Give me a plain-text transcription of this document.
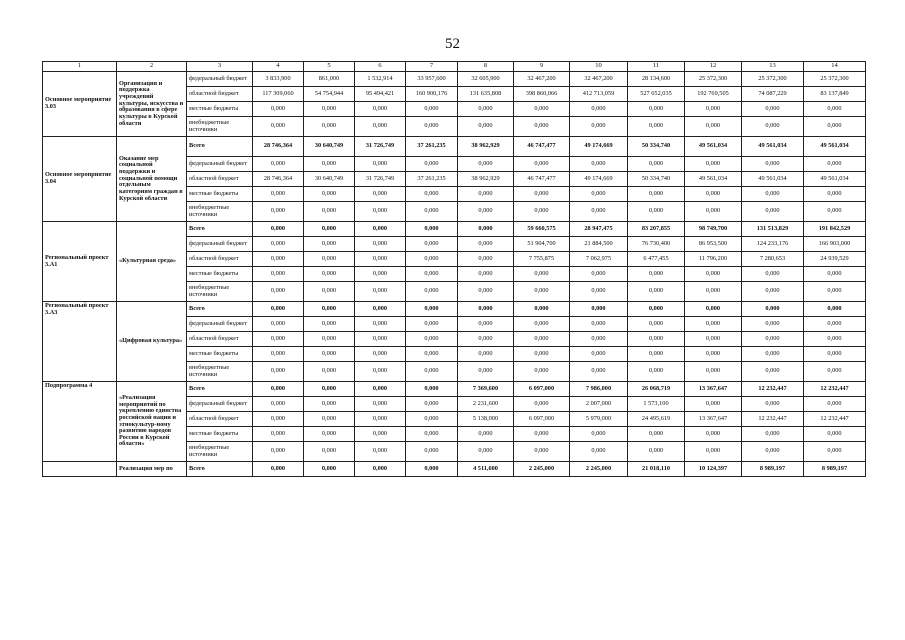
52
1	2	3	4	5	6	7	8	9	10	11	12	13	14
Основное мероприятие 3.03	Организация и поддержка учреждений культуры, искусства и образования в сфере культуры в Курской области	федеральный бюджет	3 833,900	861,000	1 532,914	33 957,600	32 605,900	32 467,200	32 467,200	28 134,600	25 372,300	25 372,300	25 372,300
		областной бюджет	117 309,060	54 754,944	95 494,421	160 900,176	131 635,808	398 860,066	412 713,059	527 652,035	192 769,505	74 087,229	83 137,849
		местные бюджеты	0,000	0,000	0,000	0,000	0,000	0,000	0,000	0,000	0,000	0,000	0,000
		внебюджетные источники	0,000	0,000	0,000	0,000	0,000	0,000	0,000	0,000	0,000	0,000	0,000
Основное мероприятие 3.04	Оказание мер социальной поддержки и социальной помощи отдельным категориям граждан в Курской области	Всего	28 746,364	30 640,749	31 726,749	37 261,235	38 962,929	46 747,477	49 174,669	50 334,740	49 561,034	49 561,034	49 561,034
		федеральный бюджет	0,000	0,000	0,000	0,000	0,000	0,000	0,000	0,000	0,000	0,000	0,000
		областной бюджет	28 746,364	30 640,749	31 726,749	37 261,235	38 962,929	46 747,477	49 174,669	50 334,740	49 561,034	49 561,034	49 561,034
		местные бюджеты	0,000	0,000	0,000	0,000	0,000	0,000	0,000	0,000	0,000	0,000	0,000
		внебюджетные источники	0,000	0,000	0,000	0,000	0,000	0,000	0,000	0,000	0,000	0,000	0,000
Региональный проект 3.А1	«Культурная среда»	Всего	0,000	0,000	0,000	0,000	0,000	59 660,575	28 947,475	83 207,855	98 749,700	131 513,829	191 842,529
		федеральный бюджет	0,000	0,000	0,000	0,000	0,000	51 904,700	21 884,500	76 730,400	86 953,500	124 233,176	166 903,000
		областной бюджет	0,000	0,000	0,000	0,000	0,000	7 755,875	7 062,975	6 477,455	11 796,200	7 280,653	24 939,529
		местные бюджеты	0,000	0,000	0,000	0,000	0,000	0,000	0,000	0,000	0,000	0,000	0,000
		внебюджетные источники	0,000	0,000	0,000	0,000	0,000	0,000	0,000	0,000	0,000	0,000	0,000
Региональный проект 3.А3	«Цифровая культура»	Всего	0,000	0,000	0,000	0,000	0,000	0,000	0,000	0,000	0,000	0,000	0,000
		федеральный бюджет	0,000	0,000	0,000	0,000	0,000	0,000	0,000	0,000	0,000	0,000	0,000
		областной бюджет	0,000	0,000	0,000	0,000	0,000	0,000	0,000	0,000	0,000	0,000	0,000
		местные бюджеты	0,000	0,000	0,000	0,000	0,000	0,000	0,000	0,000	0,000	0,000	0,000
		внебюджетные источники	0,000	0,000	0,000	0,000	0,000	0,000	0,000	0,000	0,000	0,000	0,000
Подпрограмма 4	«Реализация мероприятий по укреплению единства российской нации и этнокультур-ному развитию народов России в Курской области»	Всего	0,000	0,000	0,000	0,000	7 369,600	6 097,000	7 986,000	26 068,719	13 367,647	12 232,447	12 232,447
		федеральный бюджет	0,000	0,000	0,000	0,000	2 231,600	0,000	2 007,000	1 573,100	0,000	0,000	0,000
		областной бюджет	0,000	0,000	0,000	0,000	5 138,000	6 097,000	5 979,000	24 495,619	13 367,647	12 232,447	12 232,447
		местные бюджеты	0,000	0,000	0,000	0,000	0,000	0,000	0,000	0,000	0,000	0,000	0,000
		внебюджетные источники	0,000	0,000	0,000	0,000	0,000	0,000	0,000	0,000	0,000	0,000	0,000
	Реализация мер по	Всего	0,000	0,000	0,000	0,000	4 511,600	2 245,000	2 245,000	21 018,110	10 124,397	8 989,197	8 989,197
